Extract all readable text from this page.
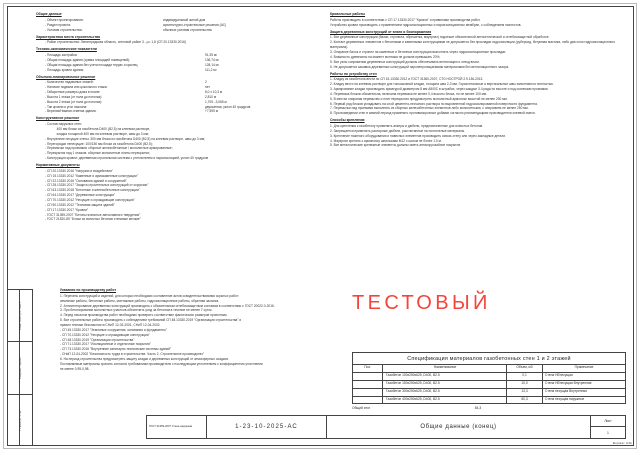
Изм. Кол.уч. Лист
Разраб. Пров.
Н.контр. Утв.
Общие данные
- Объект проектирования:	индивидуальный жилой дом
- Раздел проекта:	архитектурно-строительные решения (АС)
- Условия строительства:	обычные условия строительства
Характеристика места строительства
- Район строительства: Ленинградская область, снеговой район 3 - μ= 1,8 (СП 20.13330.2016)
Технико-экономические показатели
- Площадь застройки:	91,35 м²
- Общая площадь здания (сумма площадей помещений):	136,74 м²
- Общая площадь здания без учета площади террас и крылец:	128,14 м²
- Площадь кровли здания:	111,2 м²
Объемно-планировочное решение
- Количество надземных этажей:	2
- Наличие подвала или цокольного этажа:	нет
- Габаритные размеры дома в плане:	8,0 х 10,3 м
- Высота 1 этажа (от пола до потолка):	2,810 м
- Высота 2 этажа (от пола до потолка):	1,705...3,065 м
- Тип кровли и угол наклона:	двускатная, уклон 40 градусов
- Верхняя/Нижняя отметка здания:	+7,595 м
Конструктивное решение
- Состав наружных стен:
400 мм блоки из газобетона D400 (В2,5) на клеевом растворе,
кладка толщиной 400 мм на клеевом растворе, швы до 3 мм;
- Внутренние несущие стены: 300 мм блоки из газобетона D400 (В2,5) на клеевом растворе, швы до 3 мм;
- Перегородки ненесущие: 100/150 мм блоки из газобетона D400 (В2,5);
- Перемычки над проемами: сборные железобетонные / монолитные армированные;
- Перекрытия над 1 этажом: сборные монолитные плиты перекрытия;
- Конструкция кровли: деревянная стропильная система с утеплителем и пароизоляцией, уклон 40 градусов
Нормативные документы
- СП 20.13330.2016 "Нагрузки и воздействия"
- СП 15.13330.2012 "Каменные и армокаменные конструкции"
- СП 22.13330.2016 "Основания зданий и сооружений"
- СП 28.13330.2017 "Защита строительных конструкций от коррозии"
- СП 63.13330.2018 "Бетонные и железобетонные конструкции"
- СП 64.13330.2017 "Деревянные конструкции"
- СП 70.13330.2012 "Несущие и ограждающие конструкции"
- СП 50.13330.2012 "Тепловая защита зданий"
- СП 17.13330.2017 "Кровли"
- ГОСТ 31359-2007 "Бетоны ячеистые автоклавного твердения"
- ГОСТ 21520-89 "Блоки из ячеистых бетонов стеновые мелкие"
Кровельные работы
Работы производить в соответствии с СП 17.13330.2017 "Кровли" и правилами производства работ.
Устройство кровли производить с применением гидроизоляционных и пароизоляционных мембран, с соблюдением нахлестов.
Защита деревянных конструкций от влаги и биопоражения
1. Все деревянные конструкции (балки, стропила, обрешетка, мауэрлат) подлежат обязательной антисептической и огнебиозащитной обработке.
2. Контакт деревянных элементов с бетонными и каменными конструкциями не допускается без прокладки гидроизоляции (рубероид, битумная мастика, либо два слоя гидроизоляционного материала).
3. Опирание балок и стропил на каменные и бетонные конструкции выполнять через гидроизоляционные прокладки.
4. Влажность древесины на момент монтажа не должна превышать 20%.
5. Все узлы сопряжения деревянных конструкций должны обеспечивать вентиляцию и отвод влаги.
6. Не допускается зашивка деревянных конструкций паронепроницаемыми материалами без вентиляционного зазора.
Работы по устройству стен
1. Кладку из газобетона вести по СП 15.13330.2012 и ГОСТ 31360-2007, СТО НОСТРОЙ 2.9.136-2013.
2. Кладку вести на клеевом растворе для тонкошовной кладки, толщина шва 2-3 мм. Горизонтальные и вертикальные швы заполняются полностью.
3. Армирование кладки производить арматурой диаметром 8 мм А500С в штрабах, через каждые 3-4 ряда по высоте и под оконными проемами.
4. Перевязка блоков обязательна, величина перевязки не менее 0,4 высоты блока, но не менее 100 мм.
5. В местах опирания перемычек и плит перекрытия предусмотреть монолитный армопояс высотой не менее 200 мм.
6. Первый ряд блоков укладывать на слой цементно-песчаного раствора по выровненной гидроизолированной поверхности фундамента.
7. Перемычки над проемами выполнять из сборных железобетонных элементов либо монолитными, с опиранием не менее 250 мм.
8. При возведении стен в зимний период применять противоморозные добавки согласно рекомендациям производителя клеевой смеси.
Способы крепления
1. Для крепления к газобетону применять анкеры и дюбели, предназначенные для ячеистых бетонов.
2. Запрещается применять распорные дюбели, рассчитанные на полнотелые материалы.
3. Крепление тяжелого оборудования и навесных элементов производить сквозь стену или через закладные детали.
4. Мауэрлат крепить к армопоясу шпильками М12 с шагом не более 1,0 м.
5. Все металлические крепежные элементы должны иметь антикоррозийное покрытие.
Указания по производству работ
1. Перечень конструкций и изделий, для которых необходимо составление актов освидетельствования скрытых работ:
земляные работы, бетонные работы, монтажные работы, гидроизоляционные работы, обратная засыпка.
2. Антисептирование деревянных конструкций производить с обязательным огнебиозащитным составом в соответствии с ГОСТ 20022.0-2016.
3. При бетонировании монолитных участков обеспечить уход за бетоном в течение не менее 7 суток.
4. Перед началом производства работ необходимо проверить соответствие фактических размеров проектным.
5. Все строительные работы производить с соблюдением требований СП 48.13330.2019 "Организация строительства" и
правил техники безопасности СНиП 12-03-2001, СНиП 12-04-2002.
- СП 45.13330.2017 "Земляные сооружения, основания и фундаменты"
- СП 70.13330.2012 "Несущие и ограждающие конструкции"
- СП 48.13330.2019 "Организация строительства"
- СП 71.13330.2017 "Изоляционные и отделочные покрытия"
- СП 73.13330.2016 "Внутренние санитарно-технические системы зданий"
- СНиП 12-04-2002 "Безопасность труда в строительстве. Часть 2. Строительное производство"
6. На период строительства предусмотреть защиту кладки и деревянных конструкций от атмосферных осадков.
Поставляемые материалы хранить согласно требованиям производителя с последующим уплотнением с коэффициентом уплотнения
не менее 0,95-0,98.
ТЕСТОВЫЙ
Спецификация материалов газобетонных стен 1 и 2 этажей
Поз.	Наименование	Объем, м3	Примечание
	Газобетон 100x250x625, D400, В2.5	0,1	Стена НЕнесущая
	Газобетон 150x250x625, D400, В2.5	10,0	Стена НЕнесущая Внутренняя
	Газобетон 300x250x625, D400, В2.5	13,3	Стена несущая Внутренняя
	Газобетон 400x250x625, D400, В2.5	60,3	Стена несущая наружные
Общий итог	84,3
ГОСТ 31359-2007 Стена наружная	1-23-10-2025-АС	Общие данные (конец)
Лист
1
Формат А3в
